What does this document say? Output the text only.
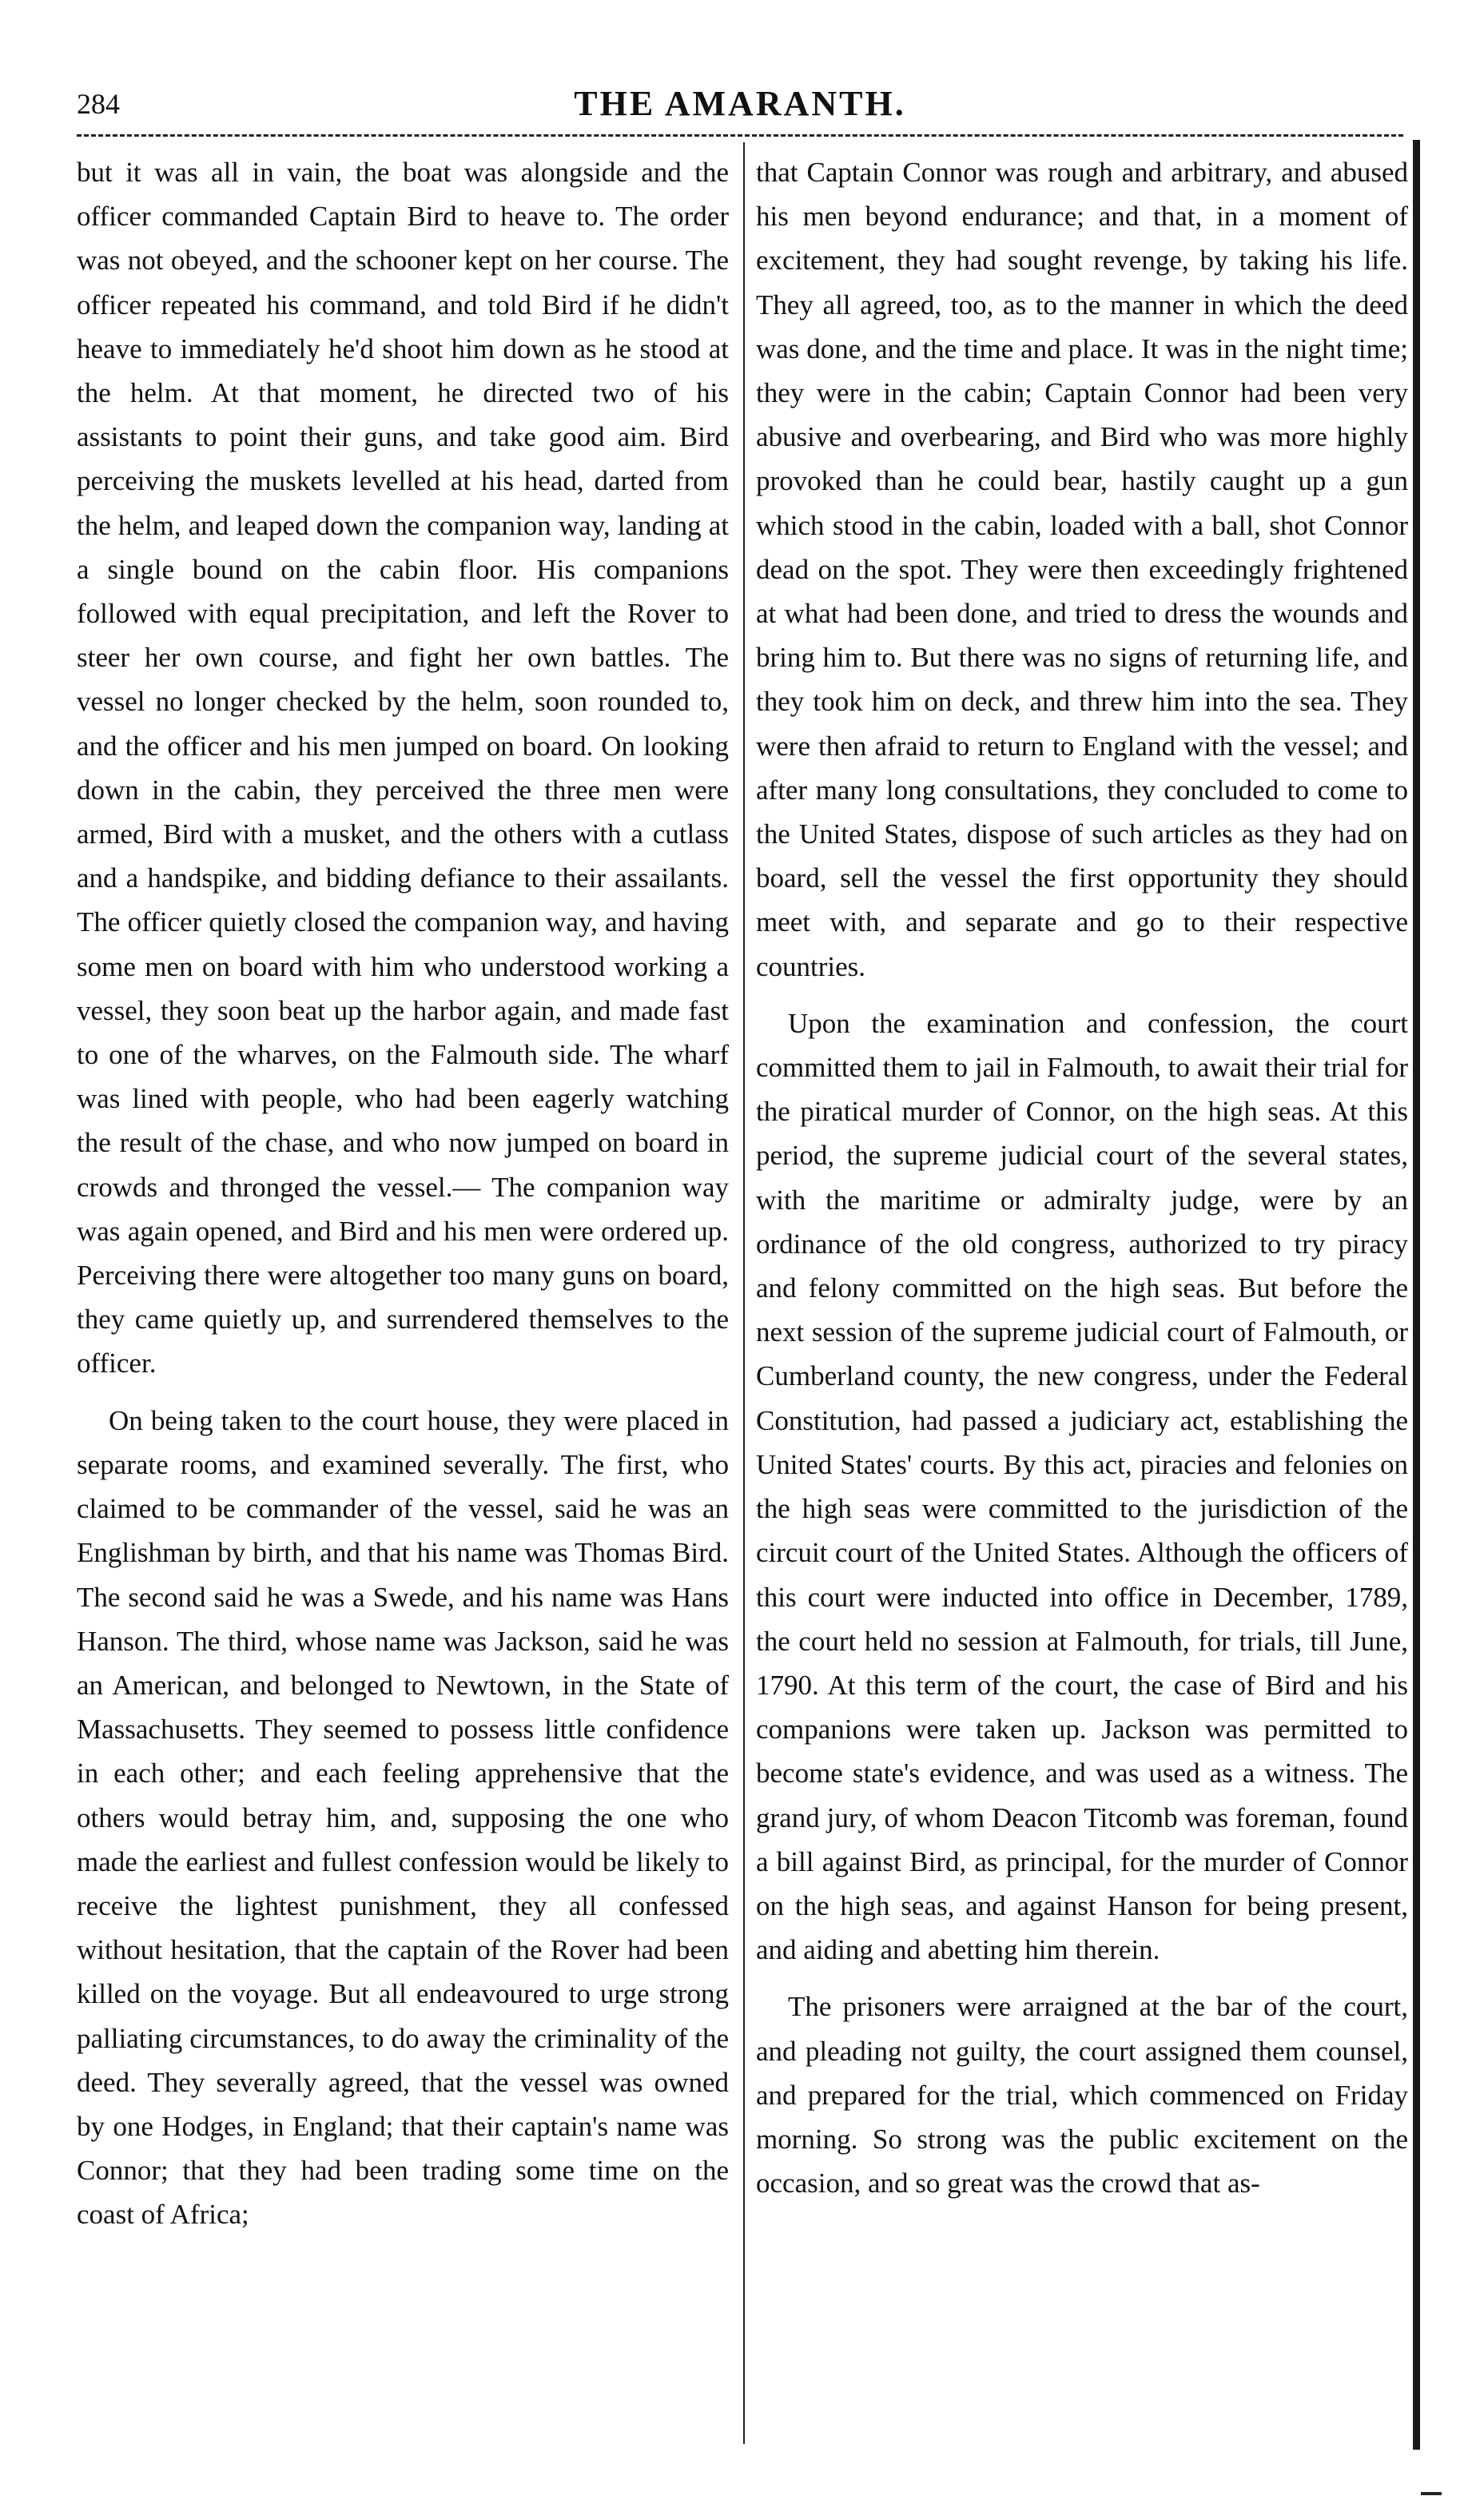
284	THE AMARANTH.

but it was all in vain, the boat was alongside and the officer commanded Captain Bird to heave to. The order was not obeyed, and the schooner kept on her course. The officer repeated his command, and told Bird if he didn't heave to immediately he'd shoot him down as he stood at the helm. At that moment, he directed two of his assistants to point their guns, and take good aim. Bird perceiving the muskets levelled at his head, darted from the helm, and leaped down the companion way, landing at a single bound on the cabin floor. His companions followed with equal precipitation, and left the Rover to steer her own course, and fight her own battles. The vessel no longer checked by the helm, soon rounded to, and the officer and his men jumped on board. On looking down in the cabin, they perceived the three men were armed, Bird with a musket, and the others with a cutlass and a handspike, and bidding defiance to their assailants. The officer quietly closed the companion way, and having some men on board with him who understood working a vessel, they soon beat up the harbor again, and made fast to one of the wharves, on the Falmouth side. The wharf was lined with people, who had been eagerly watching the result of the chase, and who now jumped on board in crowds and thronged the vessel.— The companion way was again opened, and Bird and his men were ordered up. Perceiving there were altogether too many guns on board, they came quietly up, and surrendered themselves to the officer.

On being taken to the court house, they were placed in separate rooms, and examined severally. The first, who claimed to be commander of the vessel, said he was an Englishman by birth, and that his name was Thomas Bird. The second said he was a Swede, and his name was Hans Hanson. The third, whose name was Jackson, said he was an American, and belonged to Newtown, in the State of Massachusetts. They seemed to possess little confidence in each other; and each feeling apprehensive that the others would betray him, and, supposing the one who made the earliest and fullest confession would be likely to receive the lightest punishment, they all confessed without hesitation, that the captain of the Rover had been killed on the voyage. But all endeavoured to urge strong palliating circumstances, to do away the criminality of the deed. They severally agreed, that the vessel was owned by one Hodges, in England; that their captain's name was Connor; that they had been trading some time on the coast of Africa;

that Captain Connor was rough and arbitrary, and abused his men beyond endurance; and that, in a moment of excitement, they had sought revenge, by taking his life. They all agreed, too, as to the manner in which the deed was done, and the time and place. It was in the night time; they were in the cabin; Captain Connor had been very abusive and overbearing, and Bird who was more highly provoked than he could bear, hastily caught up a gun which stood in the cabin, loaded with a ball, shot Connor dead on the spot. They were then exceedingly frightened at what had been done, and tried to dress the wounds and bring him to. But there was no signs of returning life, and they took him on deck, and threw him into the sea. They were then afraid to return to England with the vessel; and after many long consultations, they concluded to come to the United States, dispose of such articles as they had on board, sell the vessel the first opportunity they should meet with, and separate and go to their respective countries.

Upon the examination and confession, the court committed them to jail in Falmouth, to await their trial for the piratical murder of Connor, on the high seas. At this period, the supreme judicial court of the several states, with the maritime or admiralty judge, were by an ordinance of the old congress, authorized to try piracy and felony committed on the high seas. But before the next session of the supreme judicial court of Falmouth, or Cumberland county, the new congress, under the Federal Constitution, had passed a judiciary act, establishing the United States' courts. By this act, piracies and felonies on the high seas were committed to the jurisdiction of the circuit court of the United States. Although the officers of this court were inducted into office in December, 1789, the court held no session at Falmouth, for trials, till June, 1790. At this term of the court, the case of Bird and his companions were taken up. Jackson was permitted to become state's evidence, and was used as a witness. The grand jury, of whom Deacon Titcomb was foreman, found a bill against Bird, as principal, for the murder of Connor on the high seas, and against Hanson for being present, and aiding and abetting him therein.

The prisoners were arraigned at the bar of the court, and pleading not guilty, the court assigned them counsel, and prepared for the trial, which commenced on Friday morning. So strong was the public excitement on the occasion, and so great was the crowd that as-
